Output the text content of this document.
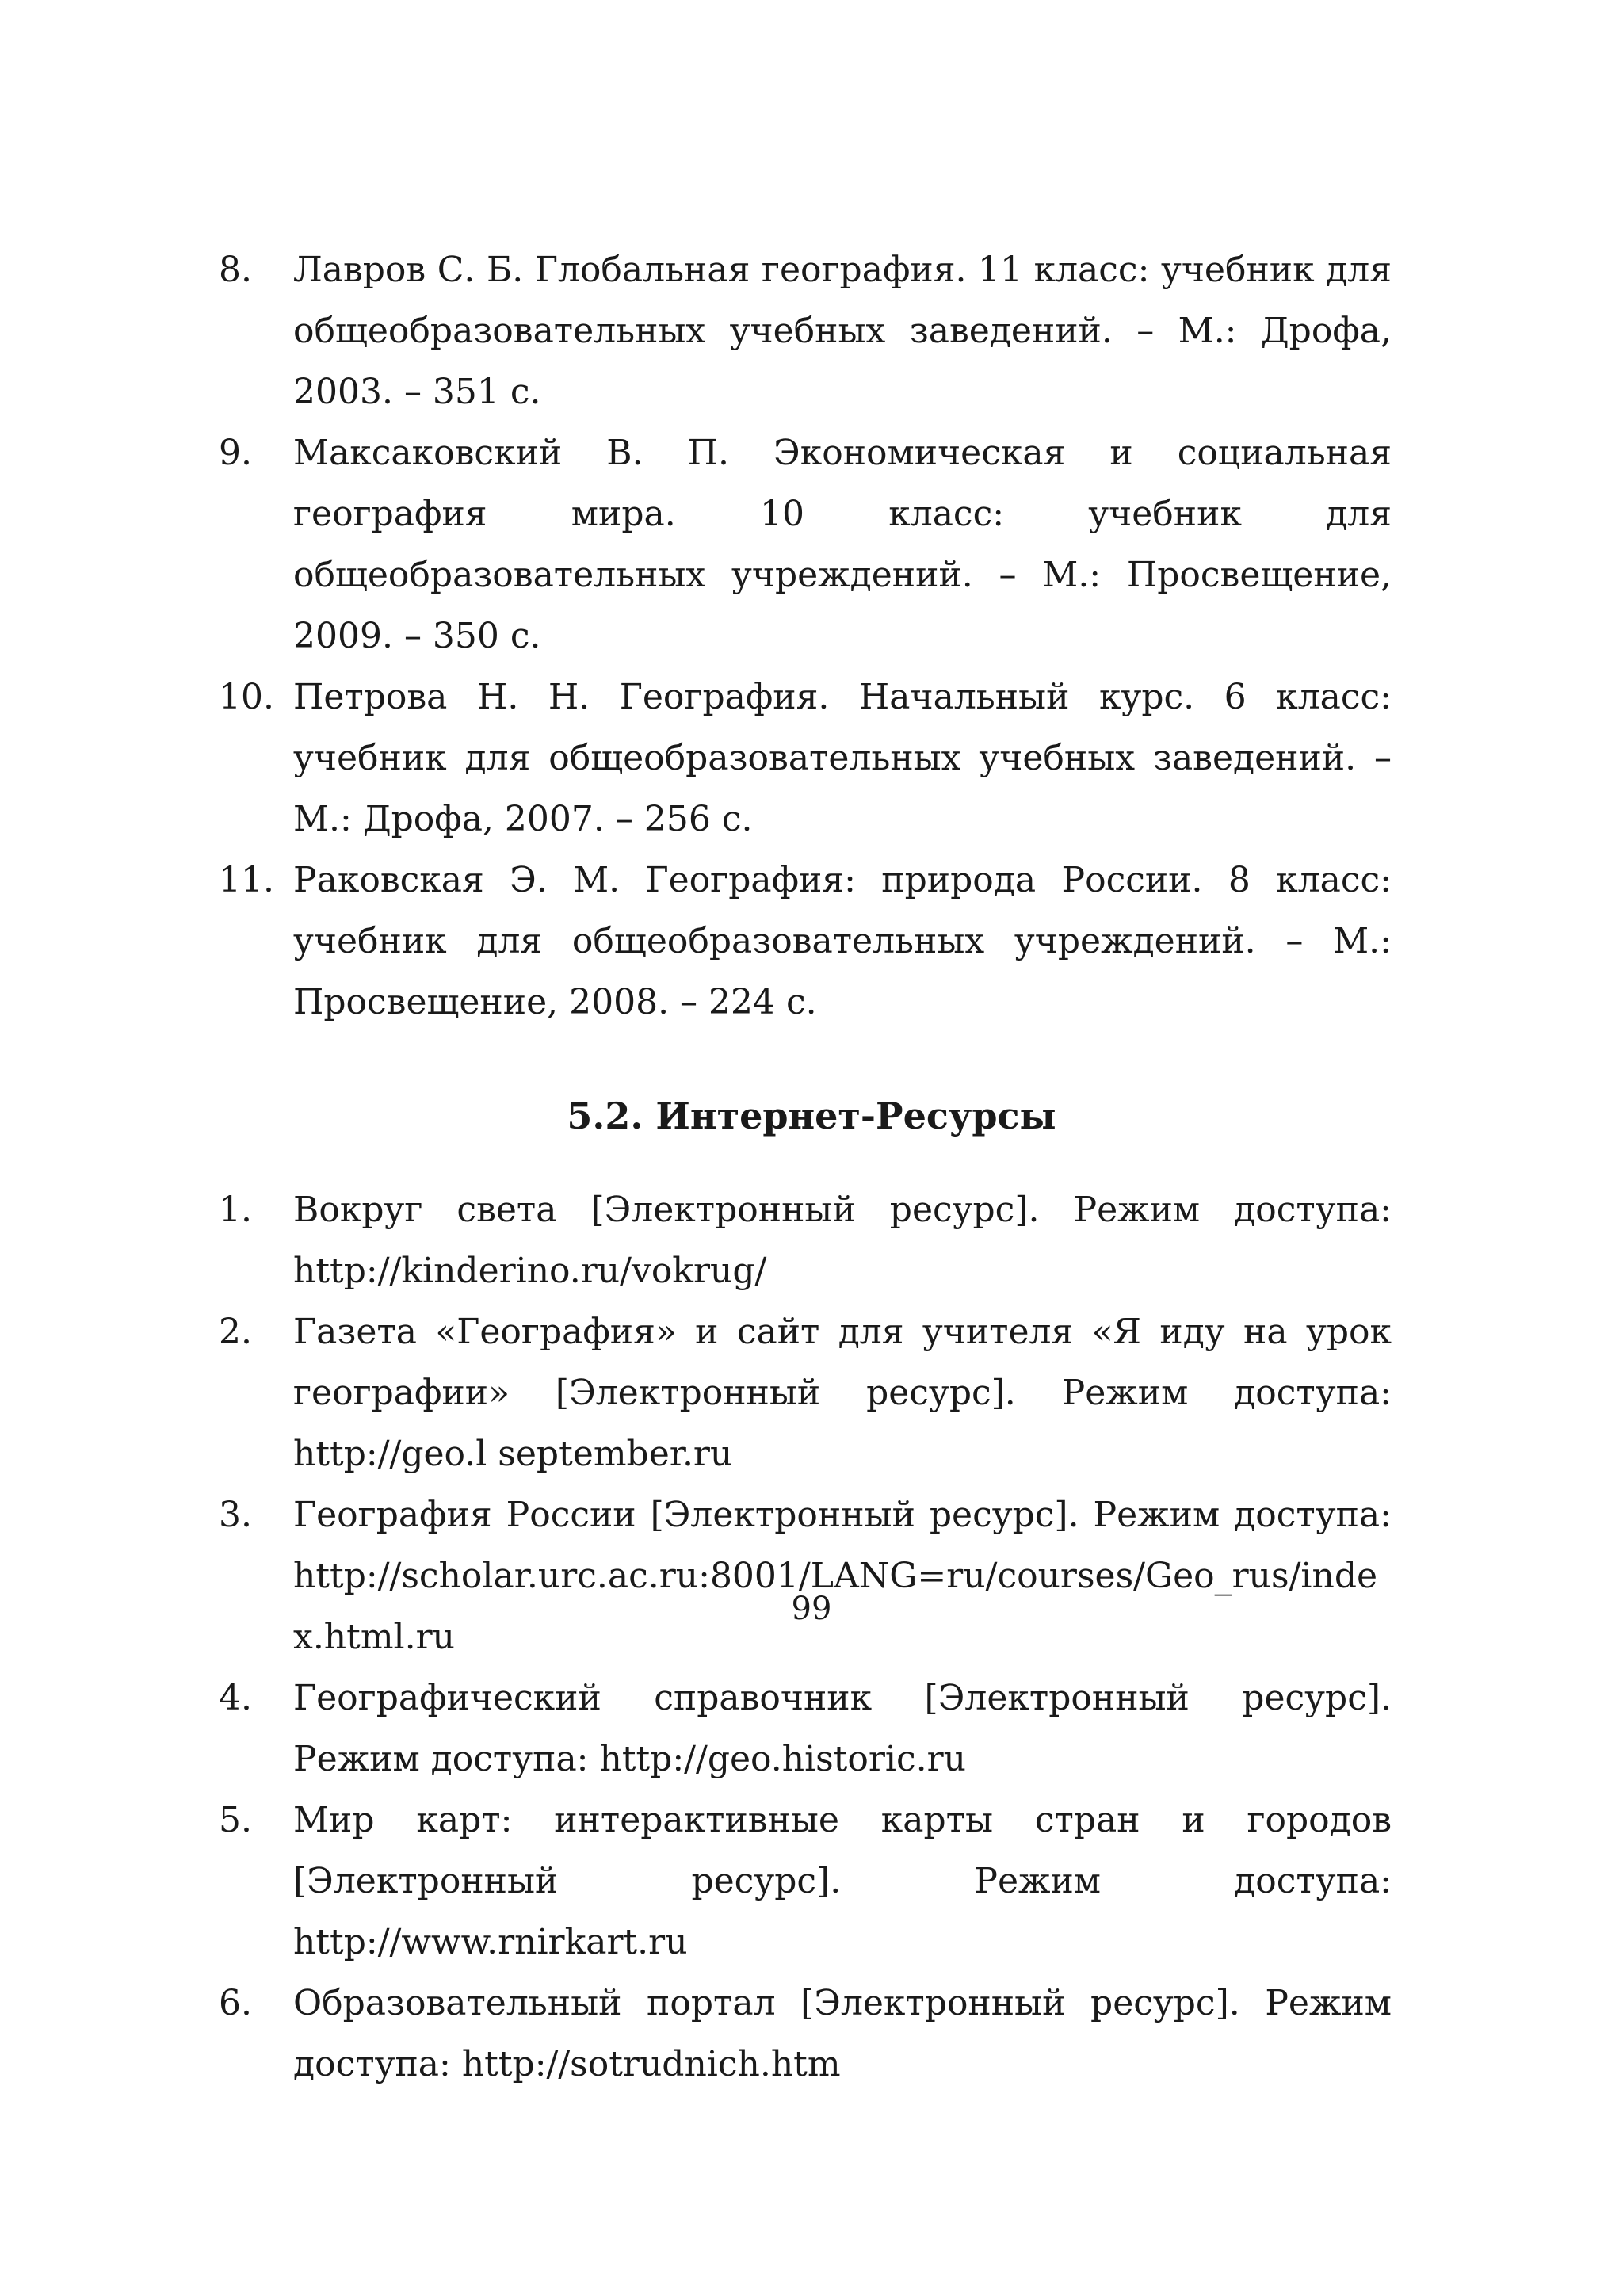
8.	Лавров С. Б. Глобальная география. 11 класс: учебник для общеобразовательных учебных заведений. – М.: Дрофа, 2003. – 351 с.
9.	Максаковский В. П. Экономическая и социальная география мира. 10 класс: учебник для общеобразовательных учреждений. – М.: Просвещение, 2009. – 350 с.
10. Петрова Н. Н. География. Начальный курс. 6 класс: учебник для общеобразовательных учебных заведений. – М.: Дрофа, 2007. – 256 с.
11. Раковская Э. М. География: природа России. 8 класс: учебник для общеобразовательных учреждений. – М.: Просвещение, 2008. – 224 с.
5.2. Интернет-Ресурсы
1.	Вокруг света [Электронный ресурс]. Режим доступа: http://kinderino.ru/vokrug/
2.	Газета «География» и сайт для учителя «Я иду на урок географии» [Электронный ресурс]. Режим доступа: http://geo.l september.ru
3.	География России [Электронный ресурс]. Режим доступа: http://scholar.urc.ac.ru:8001/LANG=ru/courses/Geo_rus/index.html.ru
4.	Географический справочник [Электронный ресурс]. Режим доступа: http://geo.historic.ru
5.	Мир карт: интерактивные карты стран и городов [Электронный ресурс]. Режим доступа: http://www.rnirkart.ru
6.	Образовательный портал [Электронный ресурс]. Режим доступа: http://sotrudnich.htm
99
